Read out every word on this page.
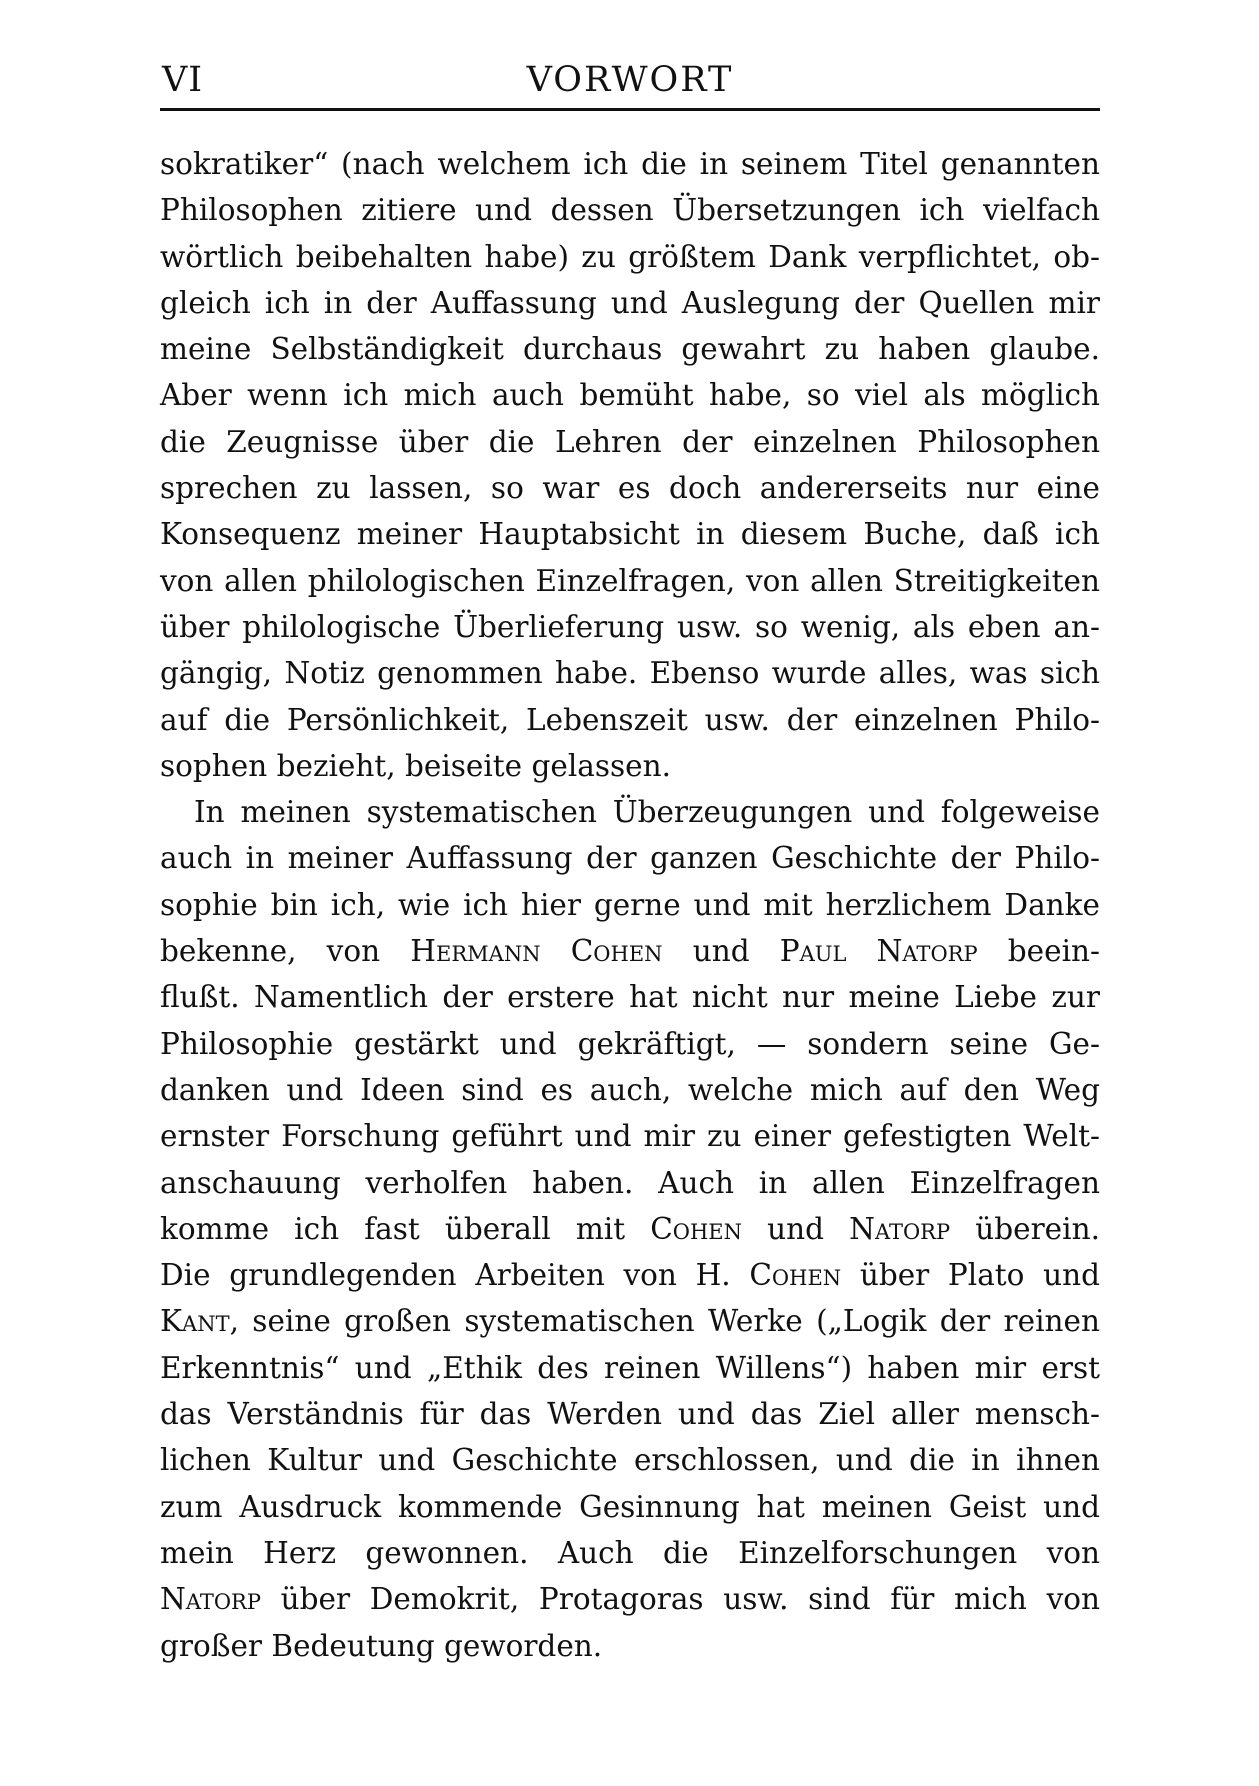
VI	VORWORT
sokratiker“ (nach welchem ich die in seinem Titel genannten
Philosophen zitiere und dessen Übersetzungen ich vielfach
wörtlich beibehalten habe) zu größtem Dank verpflichtet, ob-
gleich ich in der Auffassung und Auslegung der Quellen mir
meine Selbständigkeit durchaus gewahrt zu haben glaube.
Aber wenn ich mich auch bemüht habe, so viel als möglich
die Zeugnisse über die Lehren der einzelnen Philosophen
sprechen zu lassen, so war es doch andererseits nur eine
Konsequenz meiner Hauptabsicht in diesem Buche, daß ich
von allen philologischen Einzelfragen, von allen Streitigkeiten
über philologische Überlieferung usw. so wenig, als eben an-
gängig, Notiz genommen habe. Ebenso wurde alles, was sich
auf die Persönlichkeit, Lebenszeit usw. der einzelnen Philo-
sophen bezieht, beiseite gelassen.
In meinen systematischen Überzeugungen und folgeweise
auch in meiner Auffassung der ganzen Geschichte der Philo-
sophie bin ich, wie ich hier gerne und mit herzlichem Danke
bekenne, von Hermann Cohen und Paul Natorp beein-
flußt. Namentlich der erstere hat nicht nur meine Liebe zur
Philosophie gestärkt und gekräftigt, — sondern seine Ge-
danken und Ideen sind es auch, welche mich auf den Weg
ernster Forschung geführt und mir zu einer gefestigten Welt-
anschauung verholfen haben. Auch in allen Einzelfragen
komme ich fast überall mit Cohen und Natorp überein.
Die grundlegenden Arbeiten von H. Cohen über Plato und
Kant, seine großen systematischen Werke („Logik der reinen
Erkenntnis“ und „Ethik des reinen Willens“) haben mir erst
das Verständnis für das Werden und das Ziel aller mensch-
lichen Kultur und Geschichte erschlossen, und die in ihnen
zum Ausdruck kommende Gesinnung hat meinen Geist und
mein Herz gewonnen. Auch die Einzelforschungen von
Natorp über Demokrit, Protagoras usw. sind für mich von
großer Bedeutung geworden.
